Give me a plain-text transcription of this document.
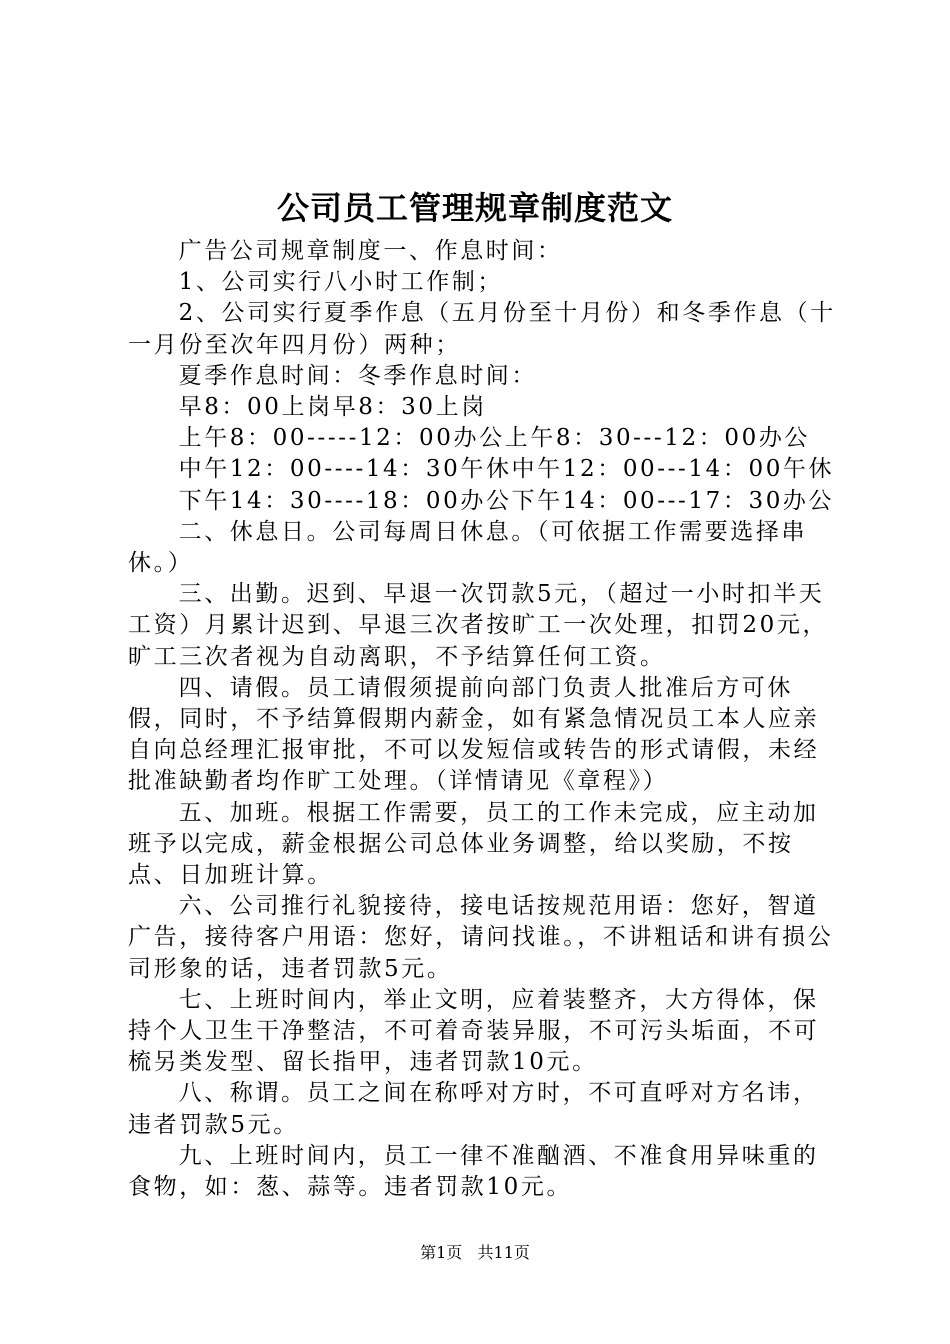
公司员工管理规章制度范文

广告公司规章制度一、作息时间：

1、公司实行八小时工作制；

2、公司实行夏季作息（五月份至十月份）和冬季作息（十一月份至次年四月份）两种；

夏季作息时间：冬季作息时间：

早8：00上岗早8：30上岗

上午8：00-----12：00办公上午8：30---12：00办公

中午12：00----14：30午休中午12：00---14：00午休

下午14：30----18：00办公下午14：00---17：30办公

二、休息日。公司每周日休息。（可依据工作需要选择串休。）

三、出勤。迟到、早退一次罚款5元，（超过一小时扣半天工资）月累计迟到、早退三次者按旷工一次处理，扣罚20元，旷工三次者视为自动离职，不予结算任何工资。

四、请假。员工请假须提前向部门负责人批准后方可休假，同时，不予结算假期内薪金，如有紧急情况员工本人应亲自向总经理汇报审批，不可以发短信或转告的形式请假，未经批准缺勤者均作旷工处理。（详情请见《章程》）

五、加班。根据工作需要，员工的工作未完成，应主动加班予以完成，薪金根据公司总体业务调整，给以奖励，不按点、日加班计算。

六、公司推行礼貌接待，接电话按规范用语：您好，智道广告，接待客户用语：您好，请问找谁。，不讲粗话和讲有损公司形象的话，违者罚款5元。

七、上班时间内，举止文明，应着装整齐，大方得体，保持个人卫生干净整洁，不可着奇装异服，不可污头垢面，不可梳另类发型、留长指甲，违者罚款10元。

八、称谓。员工之间在称呼对方时，不可直呼对方名讳，违者罚款5元。

九、上班时间内，员工一律不准酗酒、不准食用异味重的食物，如：葱、蒜等。违者罚款10元。

第1页 共11页
